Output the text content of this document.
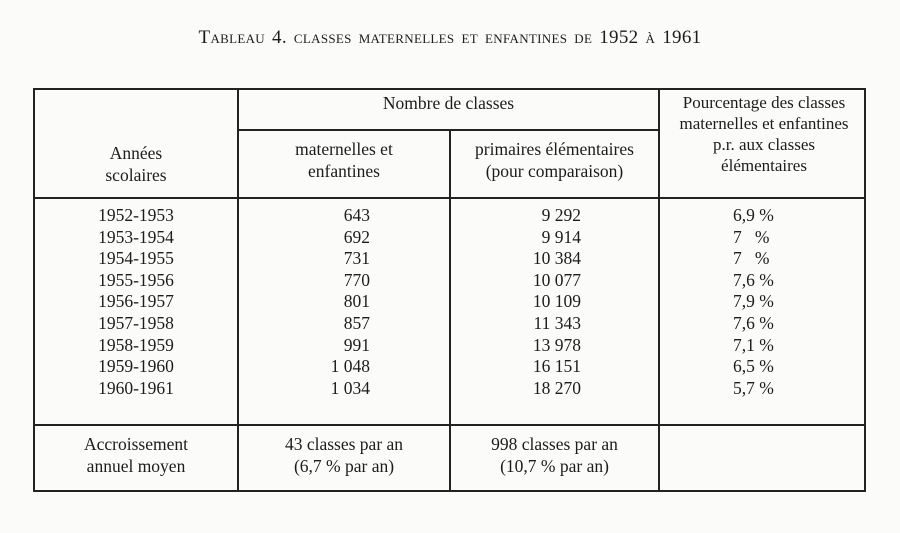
Tableau 4. classes maternelles et enfantines de 1952 à 1961
Années
scolaires
Nombre de classes
maternelles et
enfantines
primaires élémentaires
(pour comparaison)
Pourcentage des classes
maternelles et enfantines
p.r. aux classes
élémentaires
1952-1953
1953-1954
1954-1955
1955-1956
1956-1957
1957-1958
1958-1959
1959-1960
1960-1961
643
692
731
770
801
857
991
1 048
1 034
9 292
9 914
10 384
10 077
10 109
11 343
13 978
16 151
18 270
6,9 %
7   %
7   %
7,6 %
7,9 %
7,6 %
7,1 %
6,5 %
5,7 %
Accroissement
annuel moyen
43 classes par an
(6,7 % par an)
998 classes par an
(10,7 % par an)
